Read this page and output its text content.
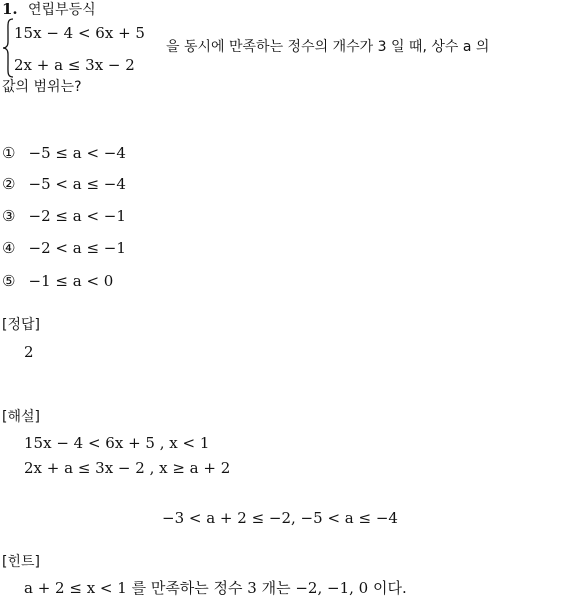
1. 연립부등식
15x − 4 < 6x + 5
2x + a ≤ 3x − 2
을 동시에 만족하는 정수의 개수가 3 일 때, 상수 a 의
값의 범위는?
① −5 ≤ a < −4
② −5 < a ≤ −4
③ −2 ≤ a < −1
④ −2 < a ≤ −1
⑤ −1 ≤ a < 0
[정답]
2
[해설]
15x − 4 < 6x + 5 , x < 1
2x + a ≤ 3x − 2 , x ≥ a + 2
−3 < a + 2 ≤ −2, −5 < a ≤ −4
[힌트]
a + 2 ≤ x < 1 를 만족하는 정수 3 개는 −2, −1, 0 이다.
